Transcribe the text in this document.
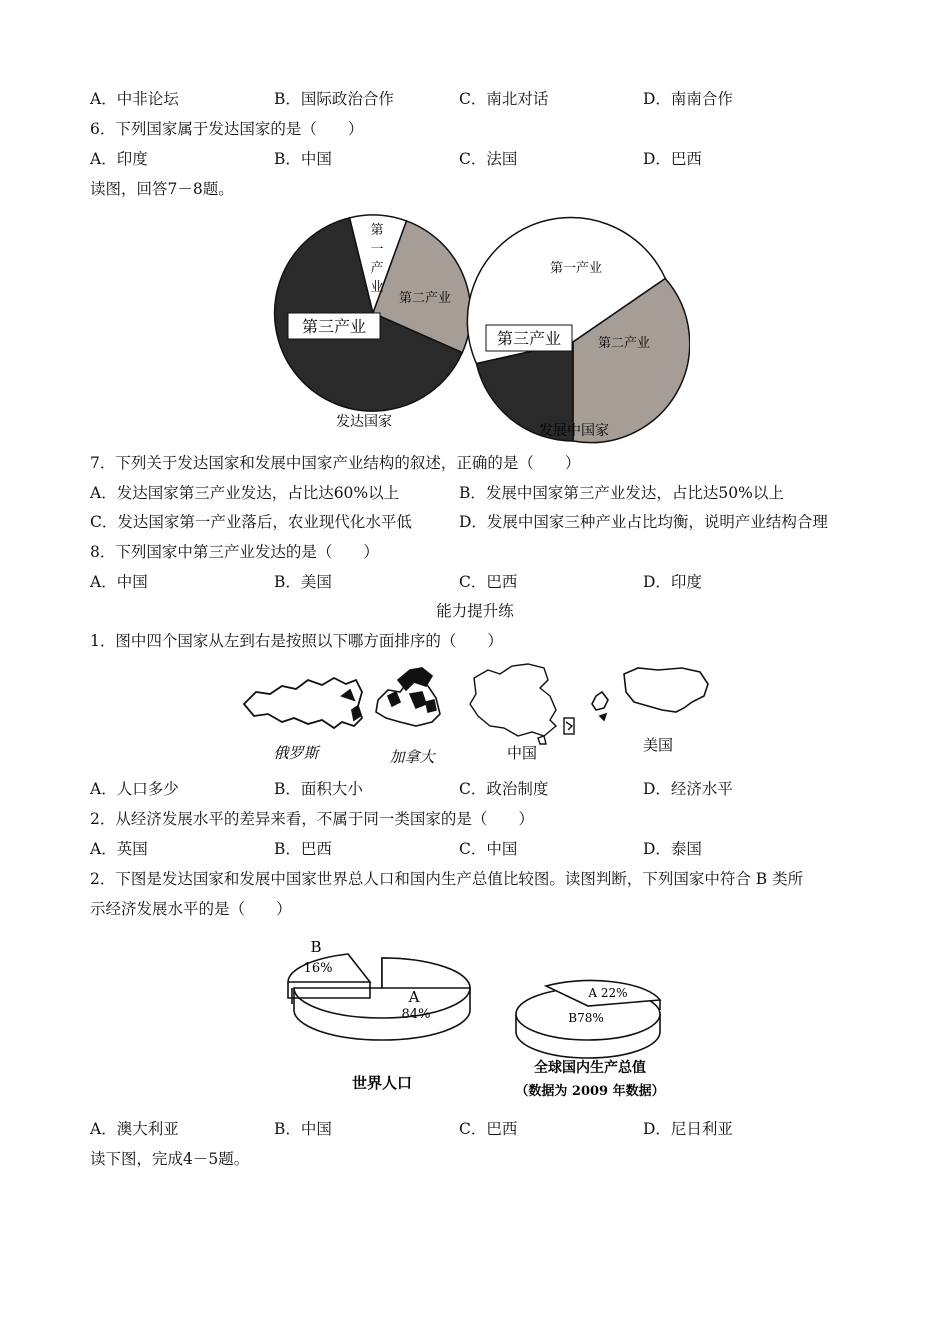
A．中非论坛	B．国际政治合作	C．南北对话	D．南南合作
6．下列国家属于发达国家的是（　　）
A．印度	B．中国	C．法国	D．巴西
读图，回答7－8题。
第
一
产
业
第二产业
第三产业
发达国家
第一产业
第二产业
第三产业
发展中国家
7．下列关于发达国家和发展中国家产业结构的叙述，正确的是（　　）
A．发达国家第三产业发达，占比达60%以上	B．发展中国家第三产业发达，占比达50%以上
C．发达国家第一产业落后，农业现代化水平低	D．发展中国家三种产业占比均衡，说明产业结构合理
8．下列国家中第三产业发达的是（　　）
A．中国	B．美国	C．巴西	D．印度
能力提升练
1．图中四个国家从左到右是按照以下哪方面排序的（　　）
俄罗斯	加拿大	中国	美国
A．人口多少	B．面积大小	C．政治制度	D．经济水平
2．从经济发展水平的差异来看，不属于同一类国家的是（　　）
A．英国	B．巴西	C．中国	D．泰国
2．下图是发达国家和发展中国家世界总人口和国内生产总值比较图。读图判断，下列国家中符合 B 类所
示经济发展水平的是（　　）
B
16%
A
84%
世界人口
A 22%
B78%
全球国内生产总值
（数据为 2009 年数据）
A．澳大利亚	B．中国	C．巴西	D．尼日利亚
读下图，完成4－5题。
